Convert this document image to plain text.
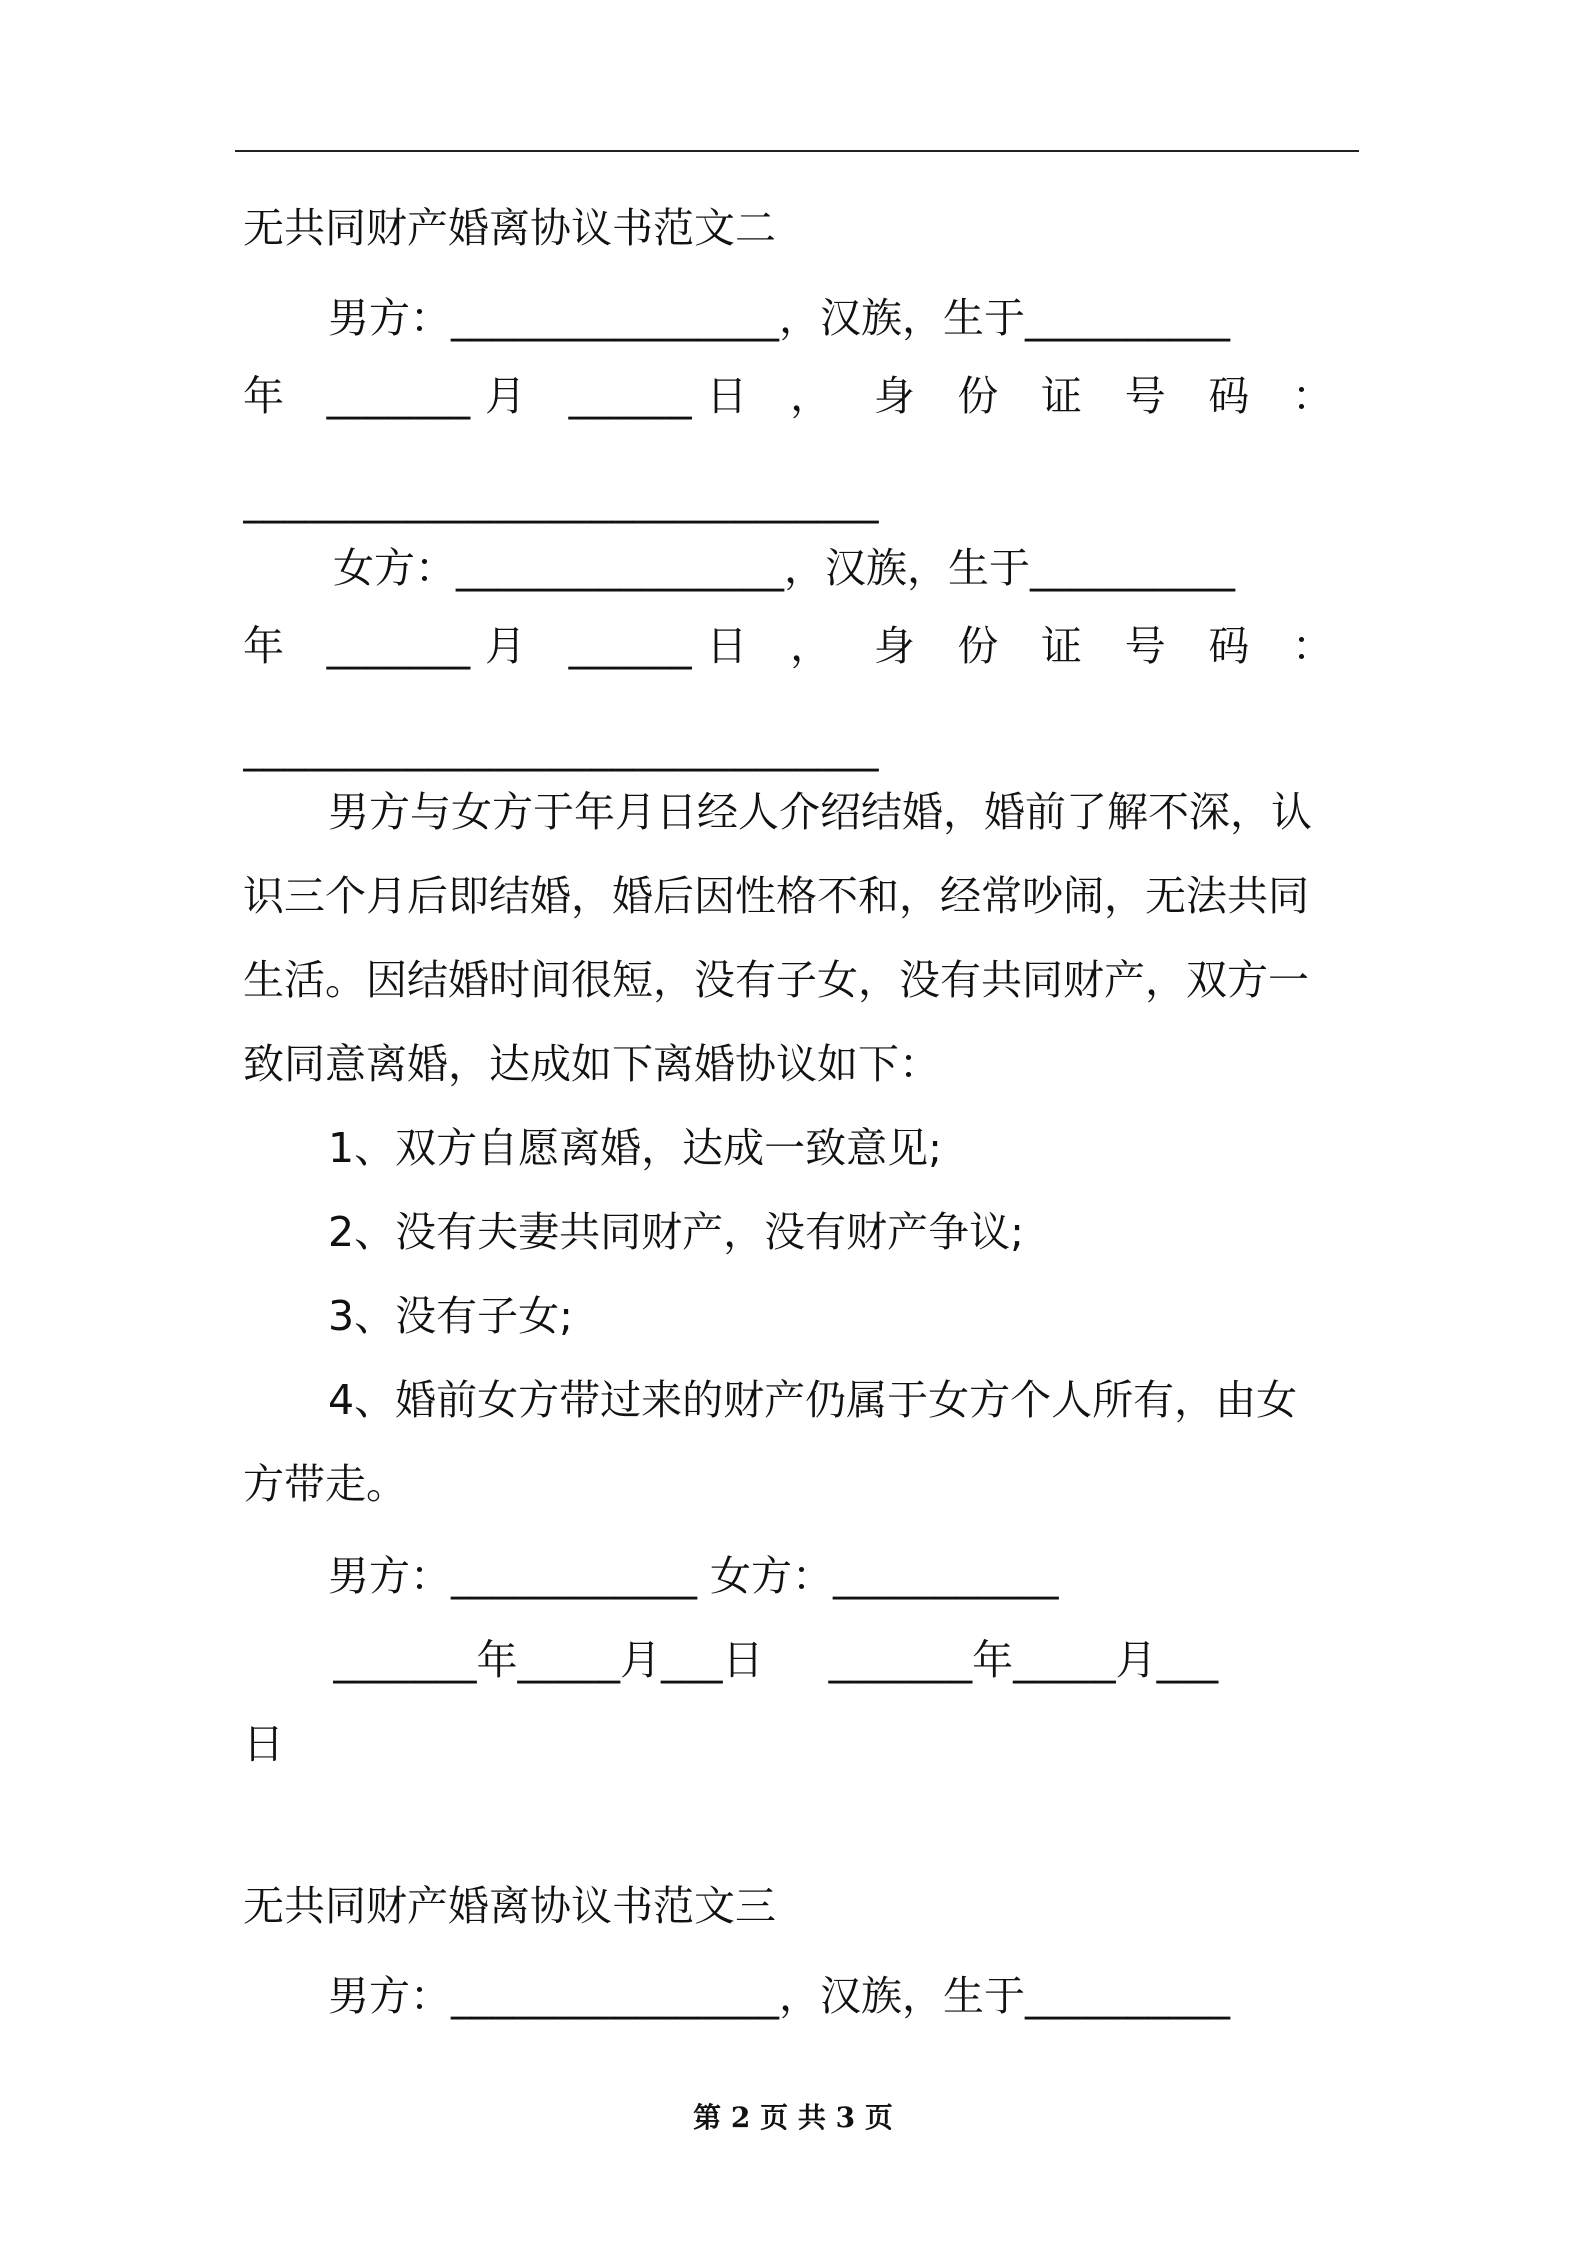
无共同财产婚离协议书范文二
男方：________________，汉族，生于__________
年 _______月 ______日 ， 身 份 证 号 码 ：
_______________________________
女方：________________，汉族，生于__________
年 _______月 ______日 ， 身 份 证 号 码 ：
_______________________________
男方与女方于年月日经人介绍结婚，婚前了解不深，认
识三个月后即结婚，婚后因性格不和，经常吵闹，无法共同
生活。因结婚时间很短，没有子女，没有共同财产，双方一
致同意离婚，达成如下离婚协议如下：
1、双方自愿离婚，达成一致意见;
2、没有夫妻共同财产，没有财产争议;
3、没有子女;
4、婚前女方带过来的财产仍属于女方个人所有，由女
方带走。
男方：____________ 女方：___________
_______年_____月___日     _______年_____月___
日
无共同财产婚离协议书范文三
男方：________________，汉族，生于__________
第 2 页 共 3 页
